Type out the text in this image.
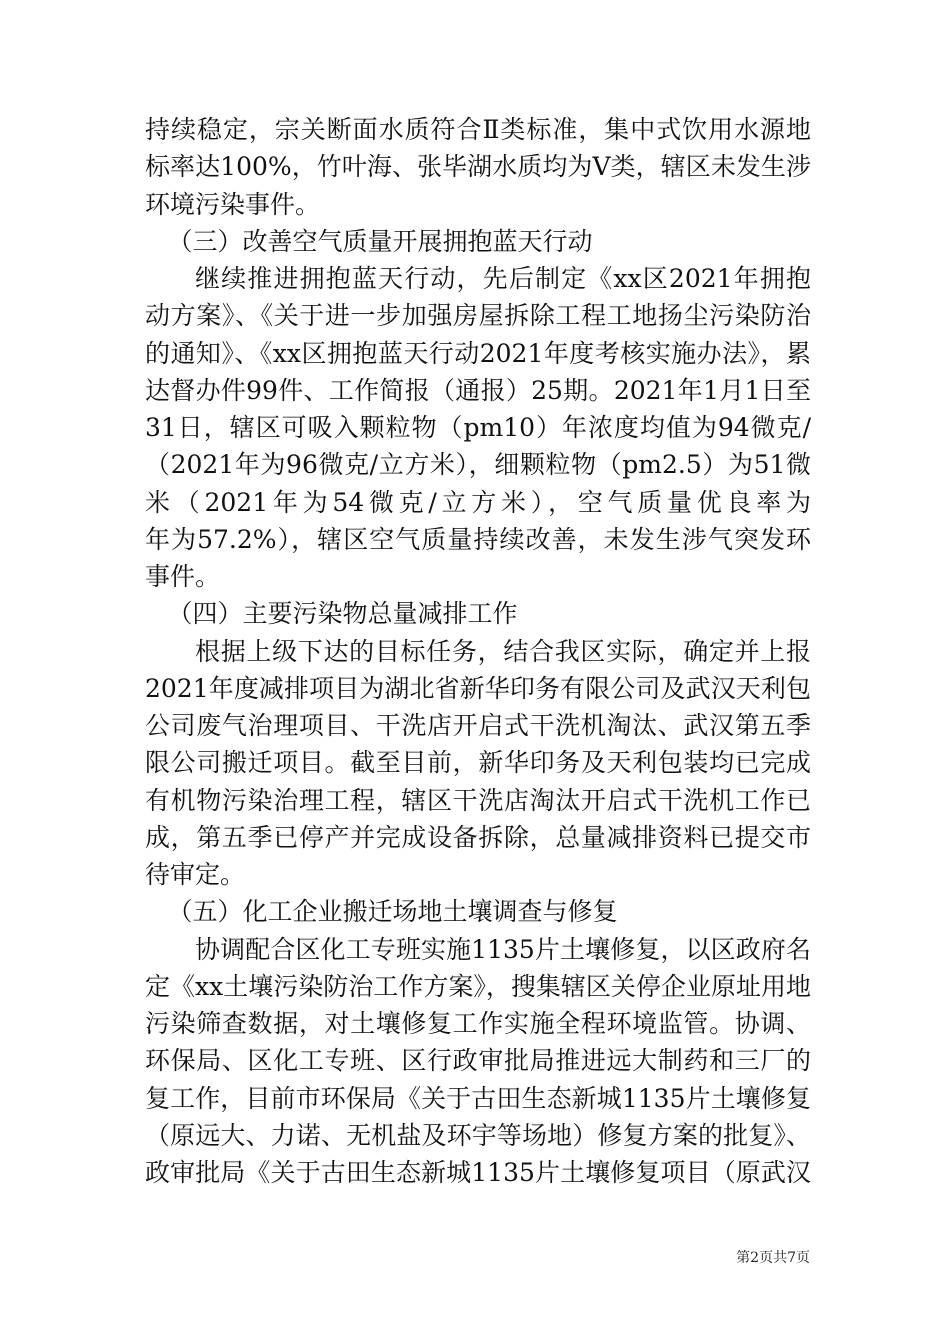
持续稳定，宗关断面水质符合Ⅱ类标准，集中式饮用水源地
标率达100%，竹叶海、张毕湖水质均为Ⅴ类，辖区未发生涉
环境污染事件。
（三）改善空气质量开展拥抱蓝天行动
继续推进拥抱蓝天行动，先后制定《xx区2021年拥抱
动方案》、《关于进一步加强房屋拆除工程工地扬尘污染防治
的通知》、《xx区拥抱蓝天行动2021年度考核实施办法》，累
达督办件99件、工作简报（通报）25期。2021年1月1日至
31日，辖区可吸入颗粒物（pm10）年浓度均值为94微克/
（2021年为96微克/立方米），细颗粒物（pm2.5）为51微
米（2021年为54微克/立方米），空气质量优良率为
年为57.2%），辖区空气质量持续改善，未发生涉气突发环
事件。
（四）主要污染物总量减排工作
根据上级下达的目标任务，结合我区实际，确定并上报
2021年度减排项目为湖北省新华印务有限公司及武汉天利包
公司废气治理项目、干洗店开启式干洗机淘汰、武汉第五季
限公司搬迁项目。截至目前，新华印务及天利包装均已完成
有机物污染治理工程，辖区干洗店淘汰开启式干洗机工作已
成，第五季已停产并完成设备拆除，总量减排资料已提交市
待审定。
（五）化工企业搬迁场地土壤调查与修复
协调配合区化工专班实施1135片土壤修复，以区政府名
定《xx土壤污染防治工作方案》，搜集辖区关停企业原址用地
污染筛查数据，对土壤修复工作实施全程环境监管。协调、
环保局、区化工专班、区行政审批局推进远大制药和三厂的
复工作，目前市环保局《关于古田生态新城1135片土壤修复
（原远大、力诺、无机盐及环宇等场地）修复方案的批复》、
政审批局《关于古田生态新城1135片土壤修复项目（原武汉
第2页共7页
